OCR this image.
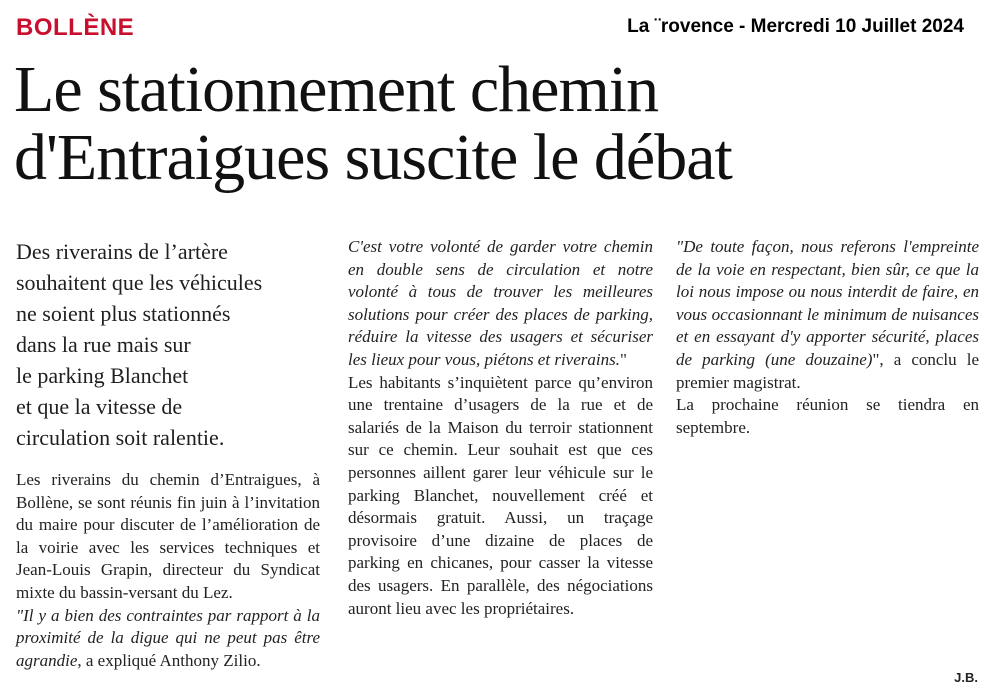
BOLLÈNE	La ¨rovence - Mercredi 10 Juillet 2024
Le stationnement chemin
d'Entraigues suscite le débat
Des riverains de l’artère
souhaitent que les véhicules
ne soient plus stationnés
dans la rue mais sur
le parking Blanchet
et que la vitesse de
circulation soit ralentie.

Les riverains du chemin d’Entraigues, à Bollène, se sont réunis fin juin à l’invitation du maire pour discuter de l’amélioration de la voirie avec les services techniques et Jean-Louis Grapin, directeur du Syndicat mixte du bassin-versant du Lez.

"Il y a bien des contraintes par rapport à la proximité de la digue qui ne peut pas être agrandie, a expliqué Anthony Zilio.

C'est votre volonté de garder votre chemin en double sens de circulation et notre volonté à tous de trouver les meilleures solutions pour créer des places de parking, réduire la vitesse des usagers et sécuriser les lieux pour vous, piétons et riverains."

Les habitants s’inquiètent parce qu’environ une trentaine d’usagers de la rue et de salariés de la Maison du terroir stationnent sur ce chemin. Leur souhait est que ces personnes aillent garer leur véhicule sur le parking Blanchet, nouvellement créé et désormais gratuit. Aussi, un traçage provisoire d’une dizaine de places de parking en chicanes, pour casser la vitesse des usagers. En parallèle, des négociations auront lieu avec les propriétaires.

"De toute façon, nous referons l'empreinte de la voie en respectant, bien sûr, ce que la loi nous impose ou nous interdit de faire, en vous occasionnant le minimum de nuisances et en essayant d'y apporter sécurité, places de parking (une douzaine)", a conclu le premier magistrat.

La prochaine réunion se tiendra en septembre.

J.B.
